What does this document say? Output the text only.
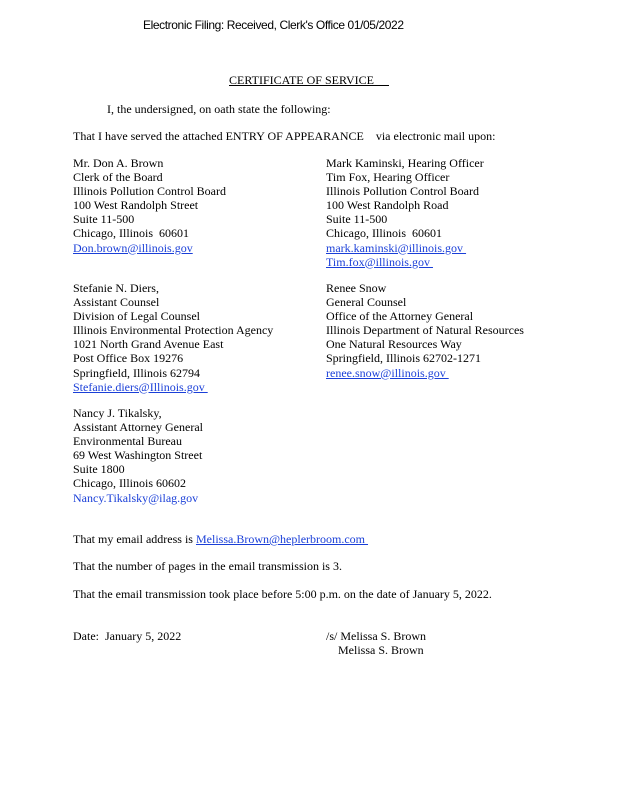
Electronic Filing: Received, Clerk's Office 01/05/2022
CERTIFICATE OF SERVICE
I, the undersigned, on oath state the following:
That I have served the attached ENTRY OF APPEARANCE    via electronic mail upon:
Mr. Don A. Brown
Clerk of the Board
Illinois Pollution Control Board
100 West Randolph Street
Suite 11-500
Chicago, Illinois  60601
Don.brown@illinois.gov
Mark Kaminski, Hearing Officer
Tim Fox, Hearing Officer
Illinois Pollution Control Board
100 West Randolph Road
Suite 11-500
Chicago, Illinois  60601
mark.kaminski@illinois.gov
Tim.fox@illinois.gov
Stefanie N. Diers,
Assistant Counsel
Division of Legal Counsel
Illinois Environmental Protection Agency
1021 North Grand Avenue East
Post Office Box 19276
Springfield, Illinois 62794
Stefanie.diers@Illinois.gov
Renee Snow
General Counsel
Office of the Attorney General
Illinois Department of Natural Resources
One Natural Resources Way
Springfield, Illinois 62702-1271
renee.snow@illinois.gov
Nancy J. Tikalsky,
Assistant Attorney General
Environmental Bureau
69 West Washington Street
Suite 1800
Chicago, Illinois 60602
Nancy.Tikalsky@ilag.gov
That my email address is Melissa.Brown@heplerbroom.com
That the number of pages in the email transmission is 3.
That the email transmission took place before 5:00 p.m. on the date of January 5, 2022.
Date:  January 5, 2022	/s/ Melissa S. Brown
Melissa S. Brown
